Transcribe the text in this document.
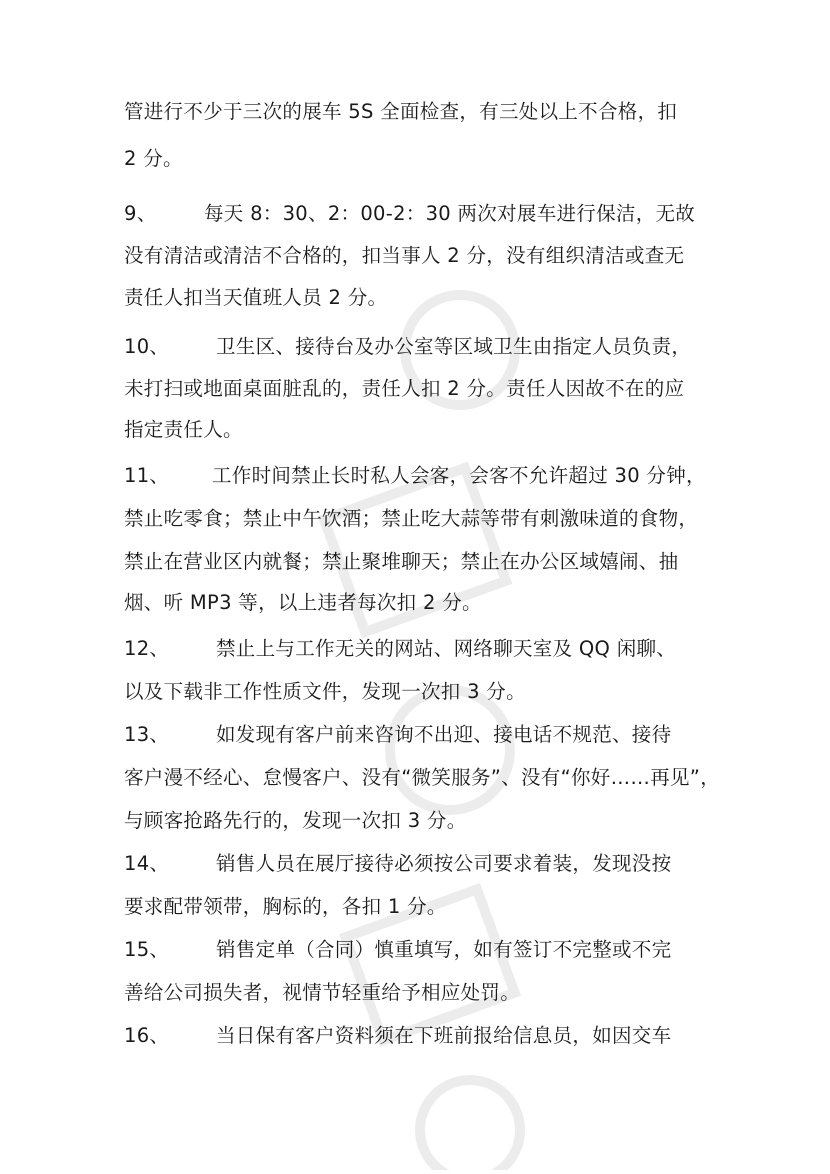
管进行不少于三次的展车 5S 全面检查，有三处以上不合格，扣
2 分。
9、 每天 8：30、2：00-2：30 两次对展车进行保洁，无故
没有清洁或清洁不合格的，扣当事人 2 分，没有组织清洁或查无
责任人扣当天值班人员 2 分。
10、 卫生区、接待台及办公室等区域卫生由指定人员负责，
未打扫或地面桌面脏乱的，责任人扣 2 分。责任人因故不在的应
指定责任人。
11、 工作时间禁止长时私人会客，会客不允许超过 30 分钟，
禁止吃零食；禁止中午饮酒；禁止吃大蒜等带有刺激味道的食物，
禁止在营业区内就餐；禁止聚堆聊天；禁止在办公区域嬉闹、抽
烟、听 MP3 等，以上违者每次扣 2 分。
12、 禁止上与工作无关的网站、网络聊天室及 QQ 闲聊、
以及下载非工作性质文件，发现一次扣 3 分。
13、 如发现有客户前来咨询不出迎、接电话不规范、接待
客户漫不经心、怠慢客户、没有“微笑服务”、没有“你好……再见”，
与顾客抢路先行的，发现一次扣 3 分。
14、 销售人员在展厅接待必须按公司要求着装，发现没按
要求配带领带，胸标的，各扣 1 分。
15、 销售定单（合同）慎重填写，如有签订不完整或不完
善给公司损失者，视情节轻重给予相应处罚。
16、 当日保有客户资料须在下班前报给信息员，如因交车
